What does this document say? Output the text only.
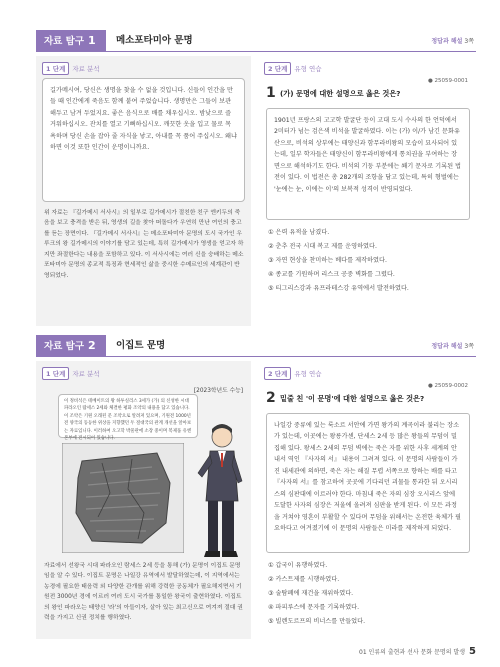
자료 탐구 1	메소포타미아 문명	정답과 해설 3쪽
1 단계 자료 분석
길가메시여, 당신은 생명을 찾을 수 없을 것입니다. 신들이 인간을 만들 때 인간에게 죽음도 함께 붙여 주었습니다. 생명만은 그들이 보관해두고 남겨 두었지요. 좋은 음식으로 배를 채우십시오. 밤낮으로 즐거워하십시오. 잔치를 열고 기뻐하십시오. 깨끗한 옷을 입고 물로 목욕하며 당신 손을 잡아 줄 자식을 낳고, 아내를 꼭 품어 주십시오. 왜냐하면 이것 또한 인간이 운명이니까요.
위 자료는 『길가메시 서사시』의 일부로 길가메시가 절친한 친구 엔키두의 죽음을 보고 충격을 받은 뒤, 영생의 길을 찾아 떠돌다가 우연히 만난 여인의 충고를 듣는 장면이다. 『길가메시 서사시』는 메소포타미아 문명의 도시 국가인 우루크의 왕 길가메시의 이야기를 담고 있는데, 특히 길가메시가 영생을 얻고자 하지만 좌절한다는 내용을 포함하고 있다. 이 서사시에는 여러 신을 숭배하는 메소포타미아 문명의 종교적 특징과 현세적인 삶을 중시한 수메르인의 세계관이 반영되었다.
2 단계 유형 연습
● 25059-0001
1 (가) 문명에 대한 설명으로 옳은 것은?
1901년 프랑스의 고고학 발굴단 등이 고대 도시 수사의 한 언덕에서 2미터가 넘는 검은색 비석을 발굴하였다. 이는 (가) 이/가 남긴 문화유산으로, 비석의 상부에는 태양신과 함무라비왕의 모습이 묘사되어 있는데, 일부 학자들은 태양신이 함무라비왕에게 통치권을 부여하는 장면으로 해석하기도 한다. 비석의 기둥 부분에는 쐐기 문자로 기록된 법전이 있다. 이 법전은 총 282개의 조항을 담고 있는데, 특히 형벌에는 '눈에는 눈, 이에는 이'의 보복적 성격이 반영되었다.
① 은력 유적을 남겼다.
② 춘추 전국 시대 복고 제를 운영하였다.
③ 자연 현상을 찬미하는 베다를 제작하였다.
④ 종교를 기원하며 리스크 공중 벽화를 그렸다.
⑤ 티그리스강과 유프라테스강 유역에서 발전하였다.
자료 탐구 2	이집트 문명	정답과 해설 3쪽
1 단계 자료 분석
[2023학년도 수능]
이 정비석은 테베이트의 왕 하투실리스 3세가 (가) 의 신성한 시대 파라오인 람세스 2세와 체결한 평화 조약의 내용을 담고 있습니다. 이 조약은 기원 오래된 문 조약으로 알려져 있으며, 기원전 1000년 전 양국의 동등한 위상을 지향했던 두 절대국의 관계 개선을 알아보는 자료입니다. 이러하여 오고학 박물관에 소장 중이며 복제품 유엔본부에 전시되어 있습니다.
자료에서 선왕국 시대 파라오인 람세스 2세 등을 통해 (가) 문명이 이집트 문명임을 알 수 있다. 이집트 문명은 나일강 유역에서 발달하였는데, 이 지역에서는 농경에 필요한 태음력 외 다양한 관개를 위해 강력한 공동체가 필요해지면서 기원전 3000년 경에 이르러 여러 도시 국가를 통일한 왕국이 출현하였다. 이집트의 왕인 파라오는 태양신 '라'의 아들이자, 살아 있는 최고신으로 여겨져 절대 권력을 가지고 신권 정치를 행하였다.
2 단계 유형 연습
● 25059-0002
2 밑줄 친 '이 문명'에 대한 설명으로 옳은 것은?
나일강 중류에 있는 룩소르 서안에 가면 왕가의 계곡이라 불리는 장소가 있는데, 이곳에는 왕릉가센, 단세스 2세 등 많은 왕들의 무덤이 밀집해 있다. 왕세스 2세의 무덤 벽에는 죽은 자를 위한 사후 세계의 안내서 역인 『사자의 서』 내용이 그려져 있다. 이 문명의 사람들이 가진 내세관에 의하면, 죽은 자는 해질 무렵 서쪽으로 향하는 배를 타고 『사자의 서』를 참고하여 곳곳에 기다리던 괴물들 통과한 뒤 오시리스의 심판대에 이르러야 한다. 마침내 죽은 자의 심장 오시리스 앞에 도달한 사자의 심장은 저울에 올려져 심판을 받게 된다. 이 모든 과정을 거쳐야 영혼이 부활할 수 있다며 무덤을 위해서는 온전한 육체가 필요하다고 여겨졌기에 이 문명의 사람들은 미라를 제작하게 되었다.
① 갑국이 유행하였다.
② 카스트제를 시행하였다.
③ 술탐폐에 재건을 재위하였다.
④ 파피루스에 문자를 기록하였다.
⑤ 빌렌도르프의 비너스를 만들었다.
01 인류의 출현과 선사 문화 문명의 발생 5
